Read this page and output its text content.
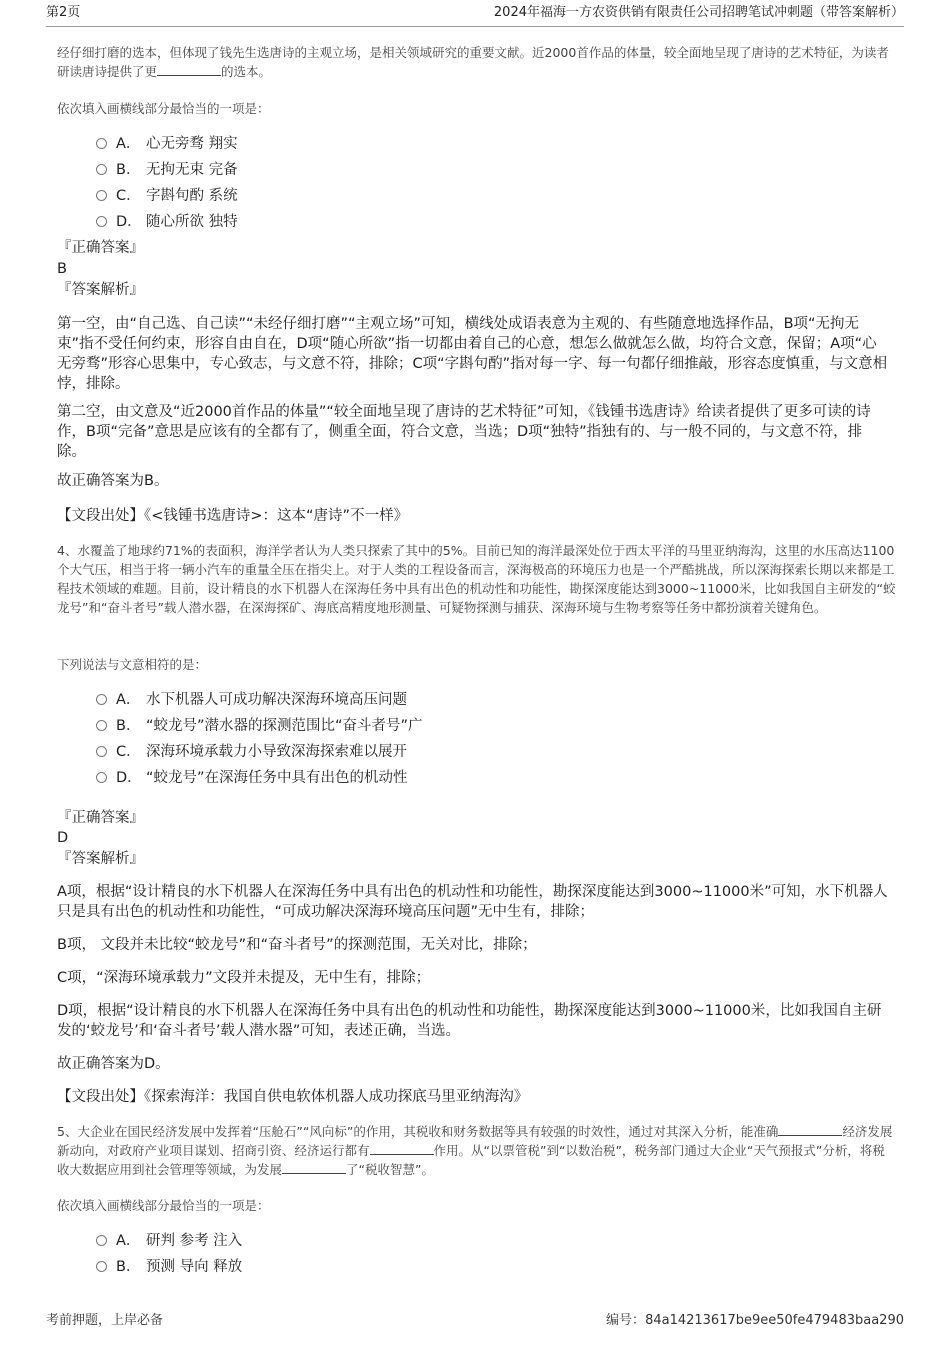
第2页	2024年福海一方农资供销有限责任公司招聘笔试冲刺题（带答案解析）

经仔细打磨的选本，但体现了钱先生选唐诗的主观立场，是相关领域研究的重要文献。近2000首作品的体量，较全面地呈现了唐诗的艺术特征，为读者研读唐诗提供了更	的选本。

依次填入画横线部分最恰当的一项是：

A． 心无旁骛 翔实
B． 无拘无束 完备
C． 字斟句酌 系统
D． 随心所欲 独特
『正确答案』
B
『答案解析』

第一空，由“自己选、自己读”“未经仔细打磨”“主观立场”可知，横线处成语表意为主观的、有些随意地选择作品，B项“无拘无束”指不受任何约束，形容自由自在，D项“随心所欲”指一切都由着自己的心意，想怎么做就怎么做，均符合文意，保留；A项“心无旁骛”形容心思集中，专心致志，与文意不符，排除；C项“字斟句酌”指对每一字、每一句都仔细推敲，形容态度慎重，与文意相悖，排除。

第二空，由文意及“近2000首作品的体量”“较全面地呈现了唐诗的艺术特征”可知，《钱锺书选唐诗》给读者提供了更多可读的诗作，B项“完备”意思是应该有的全都有了，侧重全面，符合文意，当选；D项“独特”指独有的、与一般不同的，与文意不符，排除。

故正确答案为B。

【文段出处】《<钱锺书选唐诗>：这本“唐诗”不一样》

4、水覆盖了地球约71%的表面积，海洋学者认为人类只探索了其中的5%。目前已知的海洋最深处位于西太平洋的马里亚纳海沟，这里的水压高达1100个大气压，相当于将一辆小汽车的重量全压在指尖上。对于人类的工程设备而言，深海极高的环境压力也是一个严酷挑战，所以深海探索长期以来都是工程技术领域的难题。目前，设计精良的水下机器人在深海任务中具有出色的机动性和功能性，勘探深度能达到3000~11000米，比如我国自主研发的“蛟龙号”和“奋斗者号”载人潜水器，在深海探矿、海底高精度地形测量、可疑物探测与捕获、深海环境与生物考察等任务中都扮演着关键角色。

下列说法与文意相符的是：

A． 水下机器人可成功解决深海环境高压问题
B． “蛟龙号”潜水器的探测范围比“奋斗者号”广
C． 深海环境承载力小导致深海探索难以展开
D． “蛟龙号”在深海任务中具有出色的机动性
『正确答案』
D
『答案解析』

A项，根据“设计精良的水下机器人在深海任务中具有出色的机动性和功能性，勘探深度能达到3000~11000米”可知，水下机器人只是具有出色的机动性和功能性，“可成功解决深海环境高压问题”无中生有，排除；

B项， 文段并未比较“蛟龙号”和“奋斗者号”的探测范围，无关对比，排除；

C项，“深海环境承载力”文段并未提及，无中生有，排除；

D项，根据“设计精良的水下机器人在深海任务中具有出色的机动性和功能性，勘探深度能达到3000~11000米，比如我国自主研发的‘蛟龙号’和‘奋斗者号’载人潜水器”可知，表述正确，当选。

故正确答案为D。

【文段出处】《探索海洋：我国自供电软体机器人成功探底马里亚纳海沟》

5、大企业在国民经济发展中发挥着“压舱石”“风向标”的作用，其税收和财务数据等具有较强的时效性，通过对其深入分析，能准确	经济发展新动向，对政府产业项目谋划、招商引资、经济运行都有	作用。从“以票管税”到“以数治税”，税务部门通过大企业“天气预报式”分析，将税收大数据应用到社会管理等领域，为发展	了“税收智慧”。

依次填入画横线部分最恰当的一项是：

A． 研判 参考 注入
B． 预测 导向 释放
考前押题，上岸必备	编号：84a14213617be9ee50fe479483baa290
